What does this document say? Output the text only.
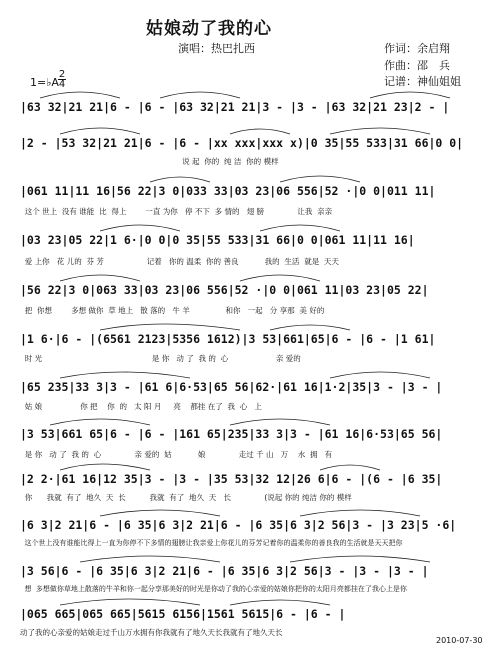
姑娘动了我的心
演唱：热巴扎西	作词：余启翔
作曲：邵　兵
记谱：神仙姐姐
1=♭A
2
4
|63 32|21 21|6 - |6 - |63 32|21 21|3 - |3 - |63 32|21 23|2 - |
|2 - |53 32|21 21|6 - |6 - |xx xxx|xxx x)|0 35|55 533|31 66|0 0|
说 起  你的  纯 洁  你的 模样
|061 11|11 16|56 22|3 0|033 33|03 23|06 556|52 ·|0 0|011 11|
这个 世上  没有 谁能  比  得上        一直 为你   停 不下  多 情的   翅 膀              让我  亲亲
|03 23|05 22|1 6·|0 0|0 35|55 533|31 66|0 0|061 11|11 16|
爱 上你   花 儿的  芬 芳                  记着   你的 温柔  你的 善良           我的  生活  就是  天天
|56 22|3 0|063 33|03 23|06 556|52 ·|0 0|061 11|03 23|05 22|
把  你想        多想 做你  草 地上   散 落的   牛 羊               和你   一起   分 享那  美 好的
|1 6·|6 - |(6561 2123|5356 1612)|3 53|661|65|6 - |6 - |1 61|
时 光                                              是 你   动 了  我 的  心                    亲 爱的
|65 235|33 3|3 - |61 6|6·53|65 56|62·|61 16|1·2|35|3 - |3 - |
姑 娘                你 把    你  的   太 阳 月     亮    都挂 在了  我  心   上
|3 53|661 65|6 - |6 - |161 65|235|33 3|3 - |61 16|6·53|65 56|
是 你   动 了  我 的  心              亲 爱的  姑           娘              走过 千 山   万    水  拥   有
|2 2·|61 16|12 35|3 - |3 - |35 53|32 12|26 6|6 - |(6 - |6 35|
你      我就  有了  地久  天  长          我就  有了  地久  天   长              (说起 你的 纯洁 你的 模样
|6 3|2 21|6 - |6 35|6 3|2 21|6 - |6 35|6 3|2 56|3 - |3 23|5 ·6|
这个世上没有谁能比得上一直为你停不下多情的翅膀让我亲爱上你花儿的芬芳记着你的温柔你的善良我的生活就是天天把你
|3 56|6 - |6 35|6 3|2 21|6 - |6 35|6 3|2 56|3 - |3 - |3 - |
想  多想做你草地上散落的牛羊和你一起分享那美好的时光是你动了我的心亲爱的姑娘你把你的太阳月亮都挂在了我心上是你
|065 665|065 665|5615 6156|1561 5615|6 - |6 - |
动了我的心亲爱的姑娘走过千山万水拥有你我就有了地久天长我就有了地久天长
2010-07-30
